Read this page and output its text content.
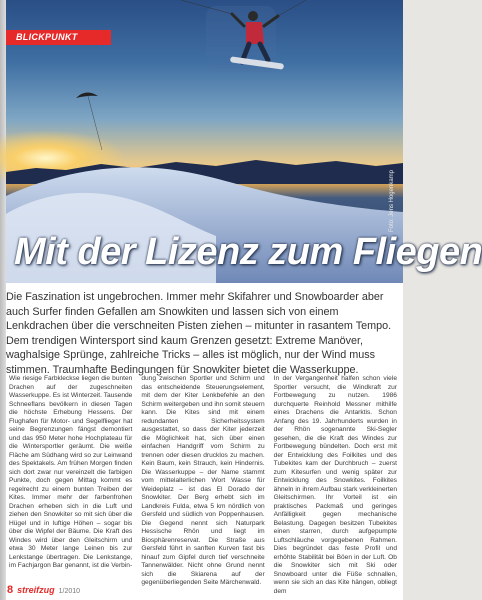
BLICKPUNKT
Foto: Jens Hogenkamp
Mit der Lizenz zum Fliegen
Die Faszination ist ungebrochen. Immer mehr Skifahrer und Snowboarder aber auch Surfer finden Gefallen am Snowkiten und lassen sich von einem Lenkdrachen über die verschneiten Pisten ziehen – mitunter in rasantem Tempo. Dem trendigen Wintersport sind kaum Grenzen gesetzt: Extreme Manöver, waghalsige Sprünge, zahlreiche Tricks – alles ist möglich, nur der Wind muss stimmen. Traumhafte Bedingungen für Snowkiter bietet die Wasserkuppe.
Wie riesige Farbkleckse liegen die bunten Drachen auf der zugeschneiten Wasserkuppe. Es ist Winterzeit. Tausende Schneeflans bevölkern in diesen Tagen die höchste Erhebung Hessens. Der Flughafen für Motor- und Segelflieger hat seine Begrenzungen fängst demontiert und das 950 Meter hohe Hochplateau für die Wintersportler geräumt. Die weiße Fläche am Südhang wird so zur Leinwand des Spektakels. Am frühen Morgen finden sich dort zwar nur vereinzelt die farbigen Punkte, doch gegen Mittag kommt es regelrecht zu einem bunten Treiben der Kites. Immer mehr der farbenfrohen Drachen erheben sich in die Luft und ziehen den Snowkiter so mit sich über die Hügel und in luftige Höhen – sogar bis über die Wipfel der Bäume. Die Kraft des Windes wird über den Gleitschirm und etwa 30 Meter lange Leinen bis zur Lenkstange übertragen. Die Lenkstange, im Fachjargon Bar genannt, ist die Verbin-
dung zwischen Sportler und Schirm und das entscheidende Steuerungselement, mit dem der Kiter Lenkbefehle an den Schirm weitergeben und ihn somit steuern kann. Die Kites sind mit einem redundanten Sicherheitssystem ausgestattet, so dass der Kiter jederzeit die Möglichkeit hat, sich über einen einfachen Handgriff vom Schirm zu trennen oder diesen drucklos zu machen. Kein Baum, kein Strauch, kein Hindernis. Die Wasserkuppe – der Name stammt vom mittelalterlichen Wort Wasse für Weideplatz – ist das El Dorado der Snowkiter. Der Berg erhebt sich im Landkreis Fulda, etwa 5 km nördlich von Gersfeld und südlich von Poppenhausen. Die Gegend nennt sich Naturpark Hessische Rhön und liegt im Biosphärenreservat. Die Straße aus Gersfeld führt in sanften Kurven fast bis hinauf zum Gipfel durch tief verschneite Tannenwälder. Nicht ohne Grund nennt sich die Skiarena auf der gegenüberliegenden Seite Märchenwald.
In der Vergangenheit halfen schon viele Sportler versucht, die Windkraft zur Fortbewegung zu nutzen. 1986 durchquerte Reinhold Messner mithilfe eines Drachens die Antarktis. Schon Anfang des 19. Jahrhunderts wurden in der Rhön sogenannte Ski-Segler gesehen, die die Kraft des Windes zur Fortbewegung bündelten. Doch erst mit der Entwicklung des Foilkites und des Tubekites kam der Durchbruch – zuerst zum Kitesurfen und wenig später zur Entwicklung des Snowkites. Foilkites ähneln in ihrem Aufbau stark verkleinerten Gleitschirmen. Ihr Vorteil ist ein praktisches Packmaß und geringes Anfälligkeit gegen mechanische Belastung. Dagegen besitzen Tubekites einen starren, durch aufgepumpte Luftschläuche vorgegebenen Rahmen. Dies begründet das feste Profil und erhöhte Stabilität bei Böen in der Luft. Ob die Snowkiter sich mit Ski oder Snowboard unter die Füße schnallen, wenn sie sich an das Kite hängen, obliegt dem
8 streifzug 1/2010
